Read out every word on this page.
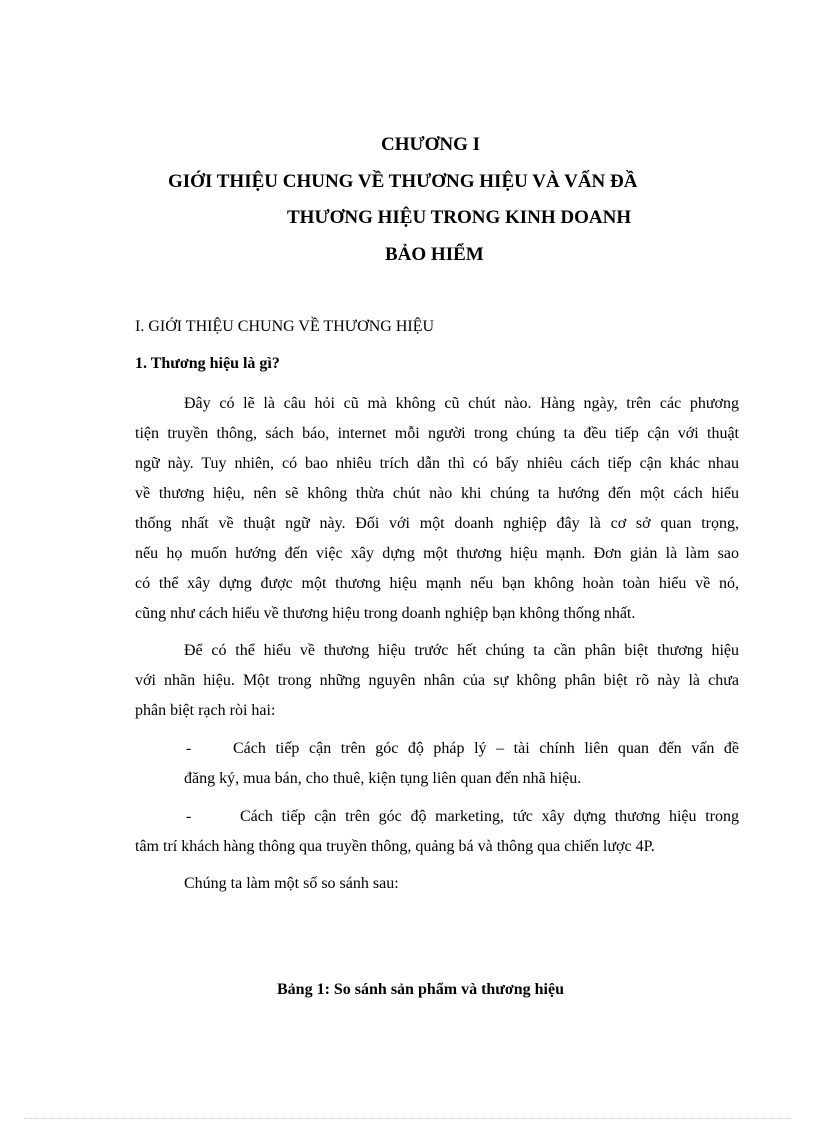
CHƯƠNG I
GIỚI THIỆU CHUNG VỀ THƯƠNG HIỆU VÀ VẤN ĐẦ
THƯƠNG HIỆU TRONG KINH DOANH
BẢO HIỂM
I. GIỚI THIỆU CHUNG VỀ THƯƠNG HIỆU
1. Thương hiệu là gì?
Đây có lẽ là câu hỏi cũ mà không cũ chút nào. Hàng ngày, trên các phương
tiện truyền thông, sách báo, internet mỗi người trong chúng ta đều tiếp cận với thuật
ngữ này. Tuy nhiên, có bao nhiêu trích dẫn thì có bấy nhiêu cách tiếp cận khác nhau
về thương hiệu, nên sẽ không thừa chút nào khi chúng ta hướng đến một cách hiểu
thống nhất về thuật ngữ này. Đối với một doanh nghiệp đây là cơ sở quan trọng,
nếu họ muốn hướng đến việc xây dựng một thương hiệu mạnh. Đơn giản là làm sao
có thể xây dựng được một thương hiệu mạnh nếu bạn không hoàn toàn hiểu về nó,
cũng như cách hiểu về thương hiệu trong doanh nghiệp bạn không thống nhất.
Để có thể hiểu về thương hiệu trước hết chúng ta cần phân biệt thương hiệu
với nhãn hiệu. Một trong những nguyên nhân của sự không phân biệt rõ này là chưa
phân biệt rạch ròi hai:
-	Cách tiếp cận trên góc độ pháp lý – tài chính liên quan đến vấn đề
đăng ký, mua bán, cho thuê, kiện tụng liên quan đến nhã hiệu.
-	Cách tiếp cận trên góc độ marketing, tức xây dựng thương hiệu trong
tâm trí khách hàng thông qua truyền thông, quảng bá và thông qua chiến lược 4P.
Chúng ta làm một số so sánh sau:
Bảng 1: So sánh sản phẩm và thương hiệu
